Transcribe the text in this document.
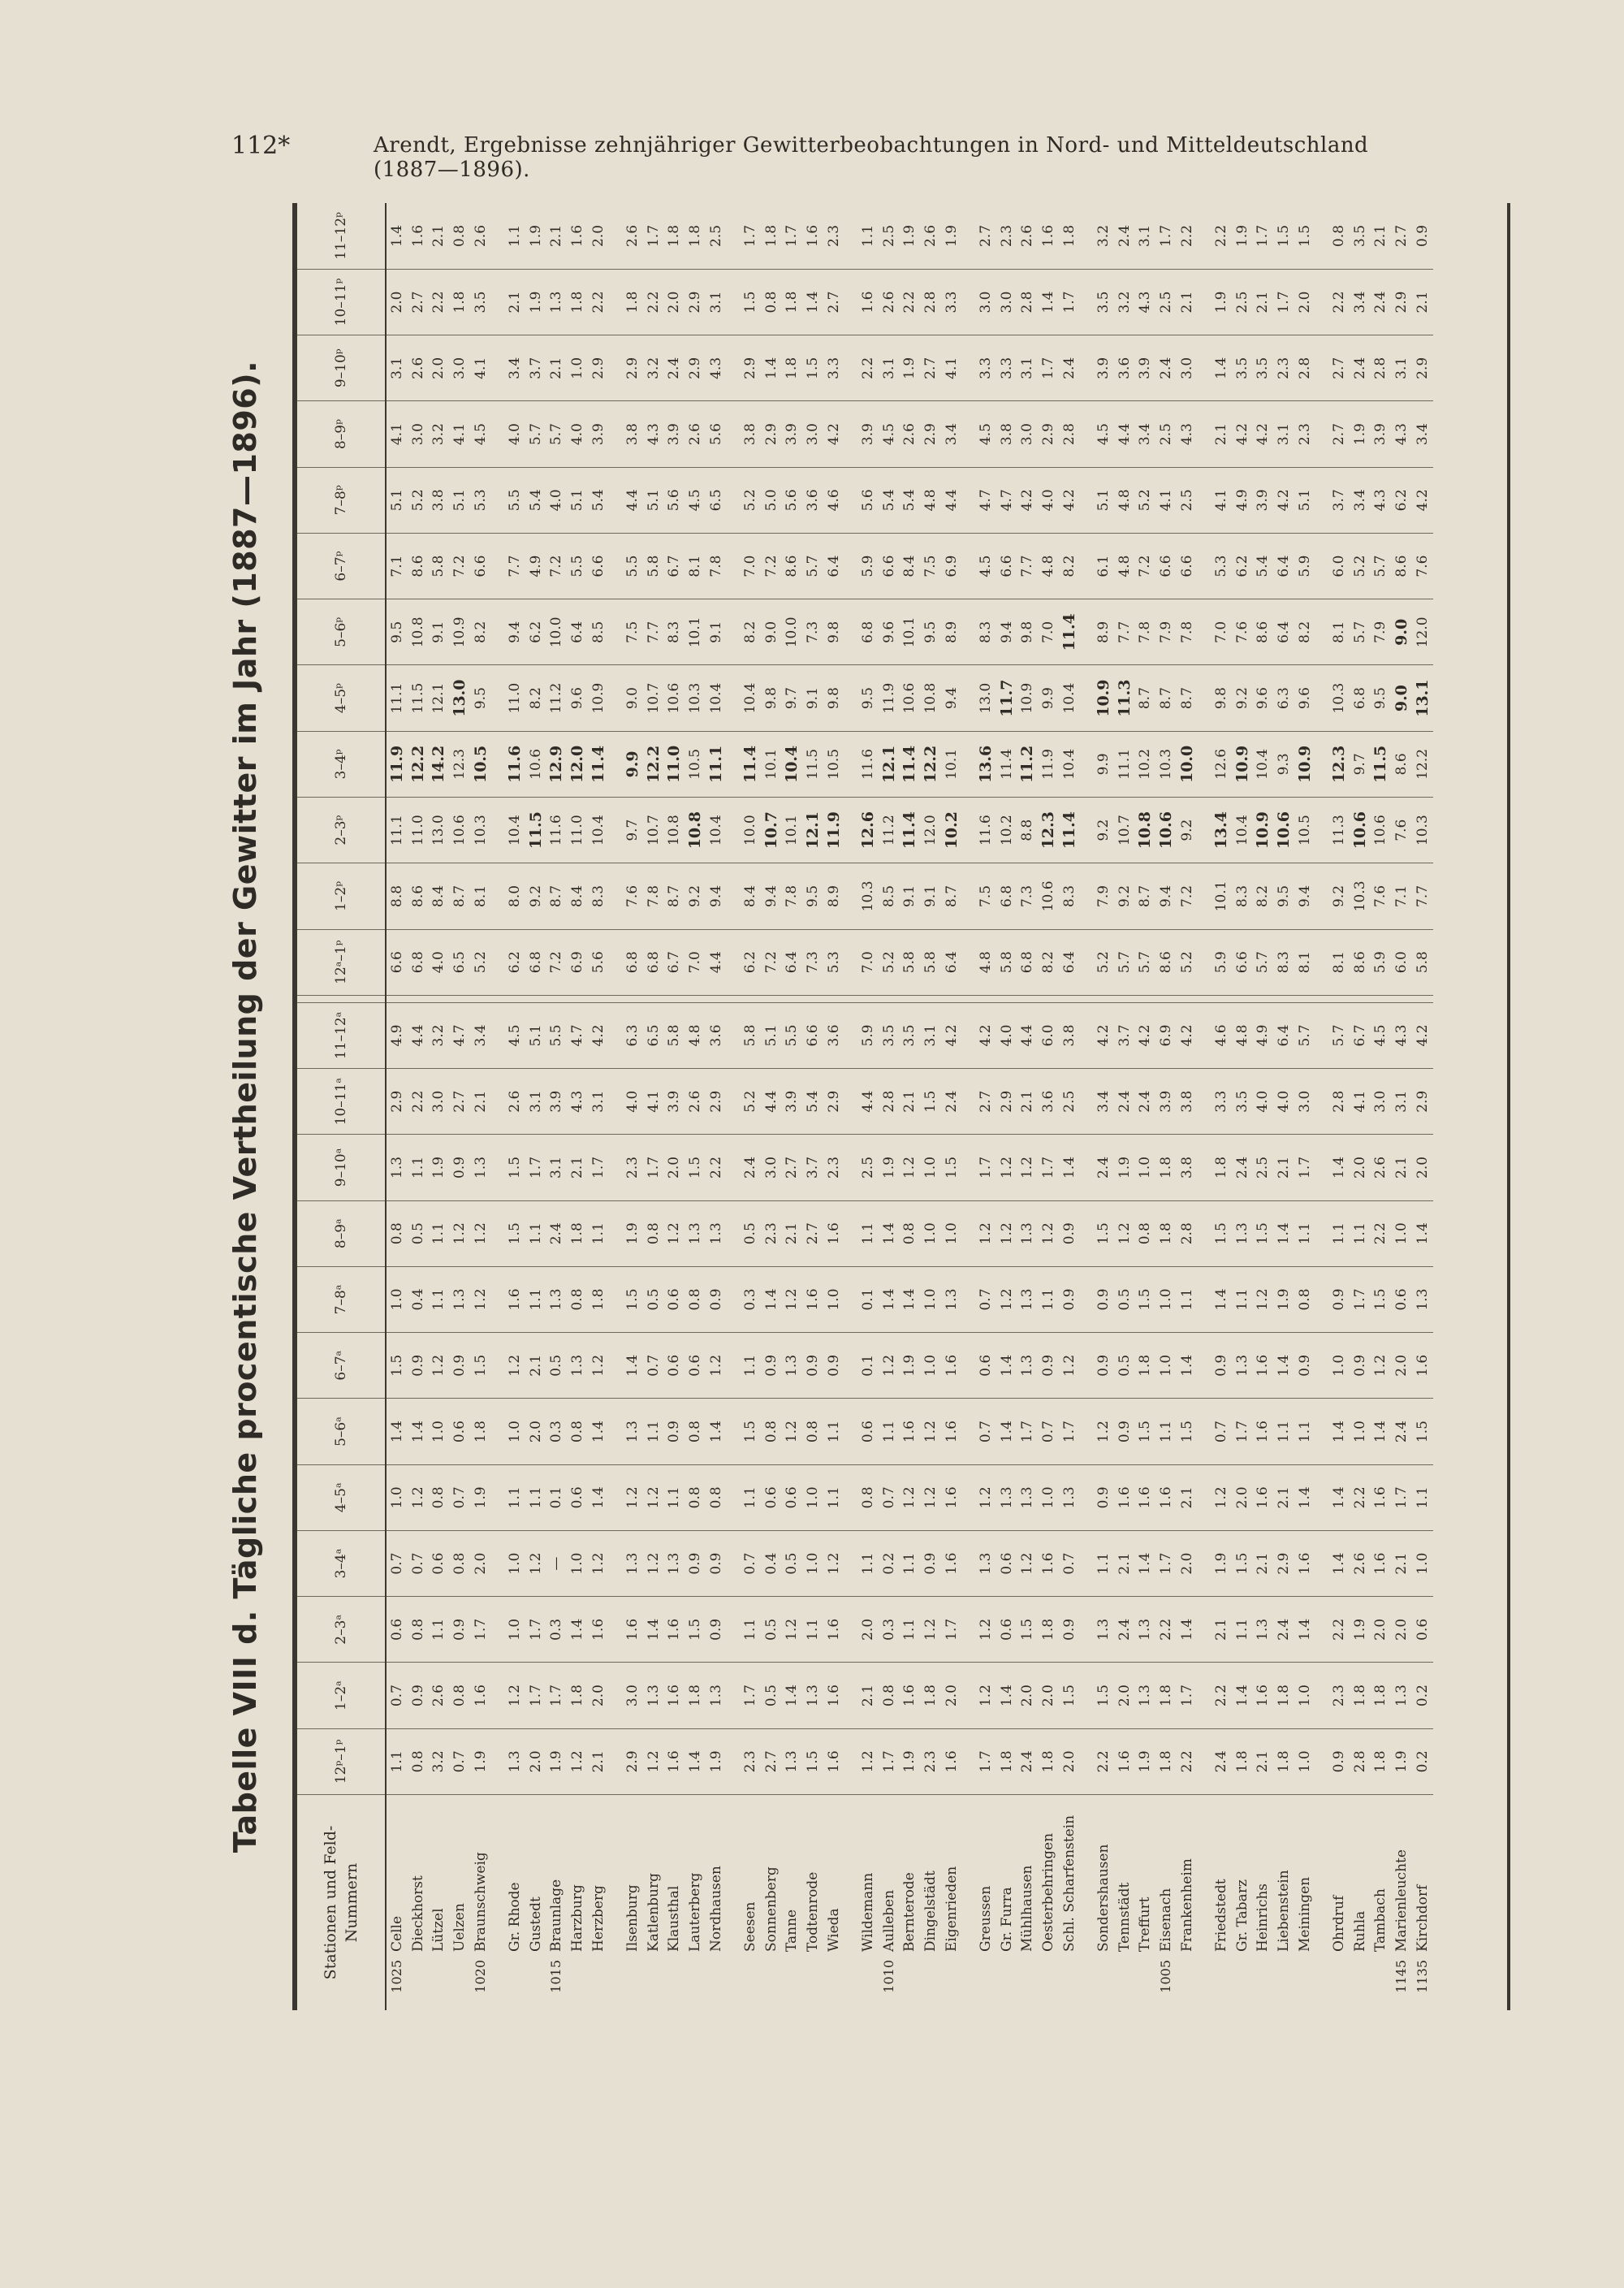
112*	Arendt, Ergebnisse zehnjähriger Gewitterbeobachtungen in Nord- und Mitteldeutschland (1887—1896).
Tabelle VIII d. Tägliche procentische Vertheilung der Gewitter im Jahr (1887—1896).
Stationen und Feld-Nummern	12ᵖ–1ᵖ	1–2ᵃ	2–3ᵃ	3–4ᵃ	4–5ᵃ	5–6ᵃ	6–7ᵃ	7–8ᵃ	8–9ᵃ	9–10ᵃ	10–11ᵃ	11–12ᵃ		12ᵃ–1ᵖ	1–2ᵖ	2–3ᵖ	3–4ᵖ	4–5ᵖ	5–6ᵖ	6–7ᵖ	7–8ᵖ	8–9ᵖ	9–10ᵖ	10–11ᵖ	11–12ᵖ
1025Celle	1.1	0.7	0.6	0.7	1.0	1.4	1.5	1.0	0.8	1.3	2.9	4.9		6.6	8.8	11.1	11.9	11.1	9.5	7.1	5.1	4.1	3.1	2.0	1.4
Dieckhorst	0.8	0.9	0.8	0.7	1.2	1.4	0.9	0.4	0.5	1.1	2.2	4.4		6.8	8.6	11.0	12.2	11.5	10.8	8.6	5.2	3.0	2.6	2.7	1.6
Lützel	3.2	2.6	1.1	0.6	0.8	1.0	1.2	1.1	1.1	1.9	3.0	3.2		4.0	8.4	13.0	14.2	12.1	9.1	5.8	3.8	3.2	2.0	2.2	2.1
Uelzen	0.7	0.8	0.9	0.8	0.7	0.6	0.9	1.3	1.2	0.9	2.7	4.7		6.5	8.7	10.6	12.3	13.0	10.9	7.2	5.1	4.1	3.0	1.8	0.8
1020Braunschweig	1.9	1.6	1.7	2.0	1.9	1.8	1.5	1.2	1.2	1.3	2.1	3.4		5.2	8.1	10.3	10.5	9.5	8.2	6.6	5.3	4.5	4.1	3.5	2.6

Gr. Rhode	1.3	1.2	1.0	1.0	1.1	1.0	1.2	1.6	1.5	1.5	2.6	4.5		6.2	8.0	10.4	11.6	11.0	9.4	7.7	5.5	4.0	3.4	2.1	1.1
Gustedt	2.0	1.7	1.7	1.2	1.1	2.0	2.1	1.1	1.1	1.7	3.1	5.1		6.8	9.2	11.5	10.6	8.2	6.2	4.9	5.4	5.7	3.7	1.9	1.9
1015Braunlage	1.9	1.7	0.3	—	0.1	0.3	0.5	1.3	2.4	3.1	3.9	5.5		7.2	8.7	11.6	12.9	11.2	10.0	7.2	4.0	5.7	2.1	1.3	2.1
Harzburg	1.2	1.8	1.4	1.0	0.6	0.8	1.3	0.8	1.8	2.1	4.3	4.7		6.9	8.4	11.0	12.0	9.6	6.4	5.5	5.1	4.0	1.0	1.8	1.6
Herzberg	2.1	2.0	1.6	1.2	1.4	1.4	1.2	1.8	1.1	1.7	3.1	4.2		5.6	8.3	10.4	11.4	10.9	8.5	6.6	5.4	3.9	2.9	2.2	2.0

Ilsenburg	2.9	3.0	1.6	1.3	1.2	1.3	1.4	1.5	1.9	2.3	4.0	6.3		6.8	7.6	9.7	9.9	9.0	7.5	5.5	4.4	3.8	2.9	1.8	2.6
Katlenburg	1.2	1.3	1.4	1.2	1.2	1.1	0.7	0.5	0.8	1.7	4.1	6.5		6.8	7.8	10.7	12.2	10.7	7.7	5.8	5.1	4.3	3.2	2.2	1.7
Klausthal	1.6	1.6	1.6	1.3	1.1	0.9	0.6	0.6	1.2	2.0	3.9	5.8		6.7	8.7	10.8	11.0	10.6	8.3	6.7	5.6	3.9	2.4	2.0	1.8
Lauterberg	1.4	1.8	1.5	0.9	0.8	0.8	0.6	0.8	1.3	1.5	2.6	4.8		7.0	9.2	10.8	10.5	10.3	10.1	8.1	4.5	2.6	2.9	2.9	1.8
Nordhausen	1.9	1.3	0.9	0.9	0.8	1.4	1.2	0.9	1.3	2.2	2.9	3.6		4.4	9.4	10.4	11.1	10.4	9.1	7.8	6.5	5.6	4.3	3.1	2.5

Seesen	2.3	1.7	1.1	0.7	1.1	1.5	1.1	0.3	0.5	2.4	5.2	5.8		6.2	8.4	10.0	11.4	10.4	8.2	7.0	5.2	3.8	2.9	1.5	1.7
Sonnenberg	2.7	0.5	0.5	0.4	0.6	0.8	0.9	1.4	2.3	3.0	4.4	5.1		7.2	9.4	10.7	10.1	9.8	9.0	7.2	5.0	2.9	1.4	0.8	1.8
Tanne	1.3	1.4	1.2	0.5	0.6	1.2	1.3	1.2	2.1	2.7	3.9	5.5		6.4	7.8	10.1	10.4	9.7	10.0	8.6	5.6	3.9	1.8	1.8	1.7
Todtenrode	1.5	1.3	1.1	1.0	1.0	0.8	0.9	1.6	2.7	3.7	5.4	6.6		7.3	9.5	12.1	11.5	9.1	7.3	5.7	3.6	3.0	1.5	1.4	1.6
Wieda	1.6	1.6	1.6	1.2	1.1	1.1	0.9	1.0	1.6	2.3	2.9	3.6		5.3	8.9	11.9	10.5	9.8	9.8	6.4	4.6	4.2	3.3	2.7	2.3

Wildemann	1.2	2.1	2.0	1.1	0.8	0.6	0.1	0.1	1.1	2.5	4.4	5.9		7.0	10.3	12.6	11.6	9.5	6.8	5.9	5.6	3.9	2.2	1.6	1.1
1010Aulleben	1.7	0.8	0.3	0.2	0.7	1.1	1.2	1.4	1.4	1.9	2.8	3.5		5.2	8.5	11.2	12.1	11.9	9.6	6.6	5.4	4.5	3.1	2.6	2.5
Bernterode	1.9	1.6	1.1	1.1	1.2	1.6	1.9	1.4	0.8	1.2	2.1	3.5		5.8	9.1	11.4	11.4	10.6	10.1	8.4	5.4	2.6	1.9	2.2	1.9
Dingelstädt	2.3	1.8	1.2	0.9	1.2	1.2	1.0	1.0	1.0	1.0	1.5	3.1		5.8	9.1	12.0	12.2	10.8	9.5	7.5	4.8	2.9	2.7	2.8	2.6
Eigenrieden	1.6	2.0	1.7	1.6	1.6	1.6	1.6	1.3	1.0	1.5	2.4	4.2		6.4	8.7	10.2	10.1	9.4	8.9	6.9	4.4	3.4	4.1	3.3	1.9

Greussen	1.7	1.2	1.2	1.3	1.2	0.7	0.6	0.7	1.2	1.7	2.7	4.2		4.8	7.5	11.6	13.6	13.0	8.3	4.5	4.7	4.5	3.3	3.0	2.7
Gr. Furra	1.8	1.4	0.6	0.6	1.3	1.4	1.4	1.2	1.2	1.2	2.9	4.0		5.8	6.8	10.2	11.4	11.7	9.4	6.6	4.7	3.8	3.3	3.0	2.3
Mühlhausen	2.4	2.0	1.5	1.2	1.3	1.7	1.3	1.3	1.3	1.2	2.1	4.4		6.8	7.3	8.8	11.2	10.9	9.8	7.7	4.2	3.0	3.1	2.8	2.6
Oesterbehringen	1.8	2.0	1.8	1.6	1.0	0.7	0.9	1.1	1.2	1.7	3.6	6.0		8.2	10.6	12.3	11.9	9.9	7.0	4.8	4.0	2.9	1.7	1.4	1.6
Schl. Scharfenstein	2.0	1.5	0.9	0.7	1.3	1.7	1.2	0.9	0.9	1.4	2.5	3.8		6.4	8.3	11.4	10.4	10.4	11.4	8.2	4.2	2.8	2.4	1.7	1.8

Sondershausen	2.2	1.5	1.3	1.1	0.9	1.2	0.9	0.9	1.5	2.4	3.4	4.2		5.2	7.9	9.2	9.9	10.9	8.9	6.1	5.1	4.5	3.9	3.5	3.2
Tennstädt	1.6	2.0	2.4	2.1	1.6	0.9	0.5	0.5	1.2	1.9	2.4	3.7		5.7	9.2	10.7	11.1	11.3	7.7	4.8	4.8	4.4	3.6	3.2	2.4
Treffurt	1.9	1.3	1.3	1.4	1.6	1.5	1.8	1.5	0.8	1.0	2.4	4.2		5.7	8.7	10.8	10.2	8.7	7.8	7.2	5.2	3.4	3.9	4.3	3.1
1005Eisenach	1.8	1.8	2.2	1.7	1.6	1.1	1.0	1.0	1.8	1.8	3.9	6.9		8.6	9.4	10.6	10.3	8.7	7.9	6.6	4.1	2.5	2.4	2.5	1.7
Frankenheim	2.2	1.7	1.4	2.0	2.1	1.5	1.4	1.1	2.8	3.8	3.8	4.2		5.2	7.2	9.2	10.0	8.7	7.8	6.6	2.5	4.3	3.0	2.1	2.2

Friedstedt	2.4	2.2	2.1	1.9	1.2	0.7	0.9	1.4	1.5	1.8	3.3	4.6		5.9	10.1	13.4	12.6	9.8	7.0	5.3	4.1	2.1	1.4	1.9	2.2
Gr. Tabarz	1.8	1.4	1.1	1.5	2.0	1.7	1.3	1.1	1.3	2.4	3.5	4.8		6.6	8.3	10.4	10.9	9.2	7.6	6.2	4.9	4.2	3.5	2.5	1.9
Heinrichs	2.1	1.6	1.3	2.1	1.6	1.6	1.6	1.2	1.5	2.5	4.0	4.9		5.7	8.2	10.9	10.4	9.6	8.6	5.4	3.9	4.2	3.5	2.1	1.7
Liebenstein	1.8	1.8	2.4	2.9	2.1	1.1	1.4	1.9	1.4	2.1	4.0	6.4		8.3	9.5	10.6	9.3	6.3	6.4	6.4	4.2	3.1	2.3	1.7	1.5
Meiningen	1.0	1.0	1.4	1.6	1.4	1.1	0.9	0.8	1.1	1.7	3.0	5.7		8.1	9.4	10.5	10.9	9.6	8.2	5.9	5.1	2.3	2.8	2.0	1.5

Ohrdruf	0.9	2.3	2.2	1.4	1.4	1.4	1.0	0.9	1.1	1.4	2.8	5.7		8.1	9.2	11.3	12.3	10.3	8.1	6.0	3.7	2.7	2.7	2.2	0.8
Ruhla	2.8	1.8	1.9	2.6	2.2	1.0	0.9	1.7	1.1	2.0	4.1	6.7		8.6	10.3	10.6	9.7	6.8	5.7	5.2	3.4	1.9	2.4	3.4	3.5
Tambach	1.8	1.8	2.0	1.6	1.6	1.4	1.2	1.5	2.2	2.6	3.0	4.5		5.9	7.6	10.6	11.5	9.5	7.9	5.7	4.3	3.9	2.8	2.4	2.1
1145Marienleuchte	1.9	1.3	2.0	2.1	1.7	2.4	2.0	0.6	1.0	2.1	3.1	4.3		6.0	7.1	7.6	8.6	9.0	9.0	8.6	6.2	4.3	3.1	2.9	2.7
1135Kirchdorf	0.2	0.2	0.6	1.0	1.1	1.5	1.6	1.3	1.4	2.0	2.9	4.2		5.8	7.7	10.3	12.2	13.1	12.0	7.6	4.2	3.4	2.9	2.1	0.9
